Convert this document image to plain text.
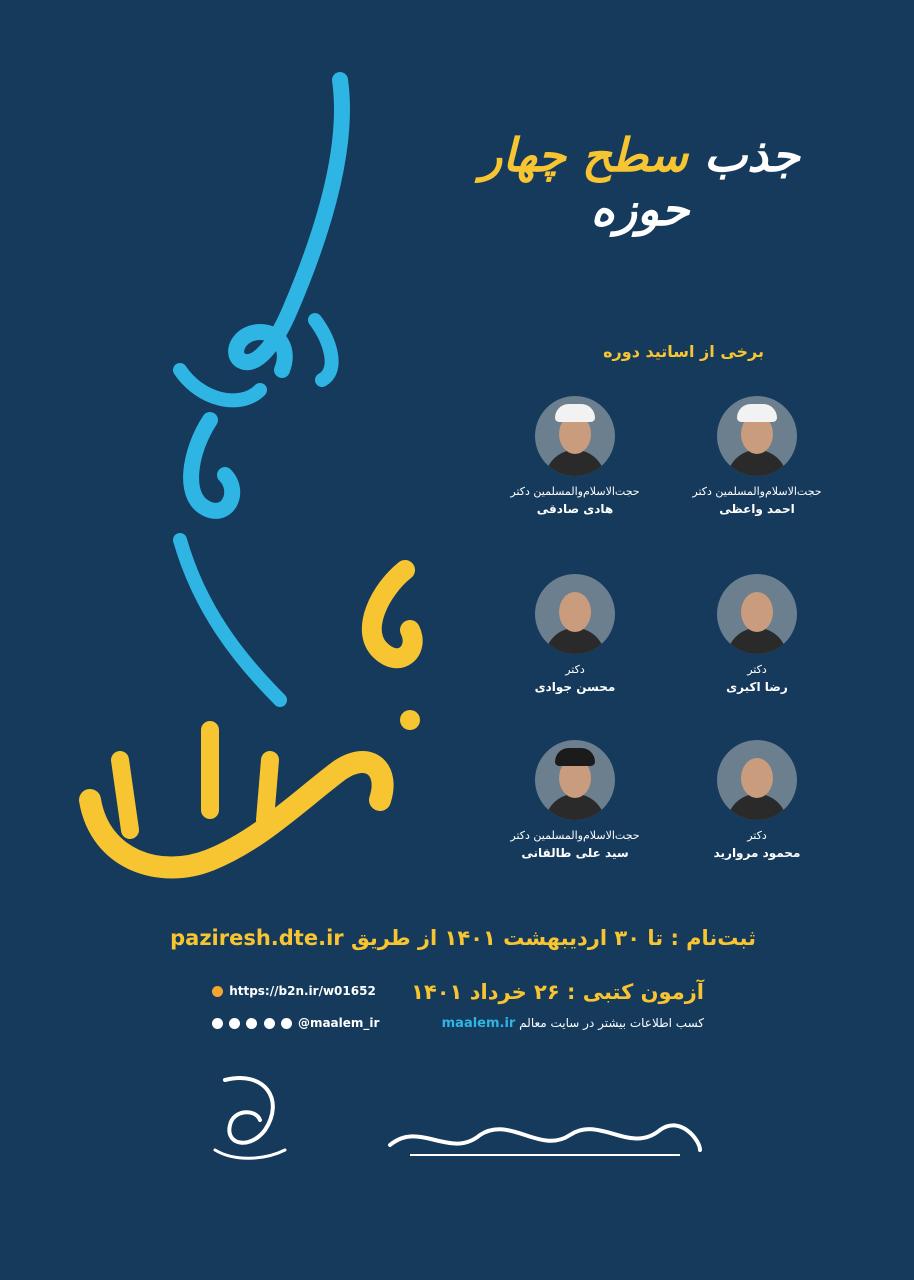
جذب سطح چهار حوزه
برخی از اساتید دوره
حجت‌الاسلام‌والمسلمین دکتر
احمد واعظی
حجت‌الاسلام‌والمسلمین دکتر
هادی صادقی
دکتر
رضا اکبری
دکتر
محسن جوادی
دکتر
محمود مرواريد
حجت‌الاسلام‌والمسلمین دکتر
سید علی طالقانی
ثبت‌نام : تا ۳۰ اردیبهشت ۱۴۰۱ از طریق paziresh.dte.ir
آزمون کتبی : ۲۶ خرداد ۱۴۰۱
کسب اطلاعات بیشتر در سایت معالم maalem.ir
https://b2n.ir/w01652
@maalem_ir
